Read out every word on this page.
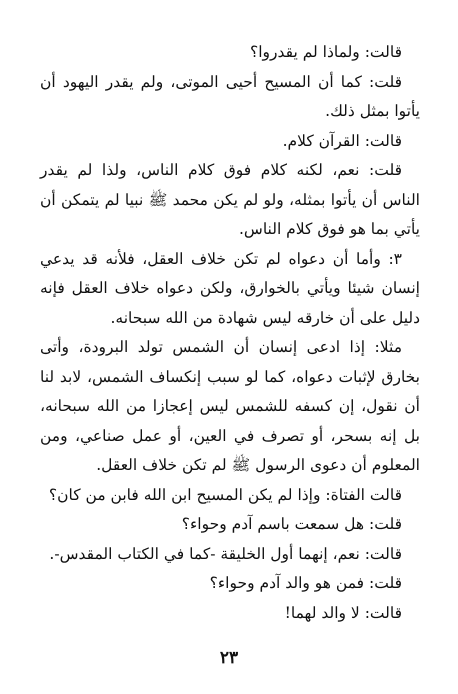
قالت: ولماذا لم يقدروا؟

قلت: كما أن المسيح أحيى الموتى، ولم يقدر اليهود أن يأتوا بمثل ذلك.

قالت: القرآن كلام.

قلت: نعم، لكنه كلام فوق كلام الناس، ولذا لم يقدر الناس أن يأتوا بمثله، ولو لم يكن محمد ﷺ نبيا لم يتمكن أن يأتي بما هو فوق كلام الناس.

٣: وأما أن دعواه لم تكن خلاف العقل، فلأنه قد يدعي إنسان شيئا ويأتي بالخوارق، ولكن دعواه خلاف العقل فإنه دليل على أن خارقه ليس شهادة من الله سبحانه.

مثلا: إذا ادعى إنسان أن الشمس تولد البرودة، وأتى بخارق لإثبات دعواه، كما لو سبب إنكساف الشمس، لابد لنا أن نقول، إن كسفه للشمس ليس إعجازا من الله سبحانه، بل إنه بسحر، أو تصرف في العين، أو عمل صناعي، ومن المعلوم أن دعوى الرسول ﷺ لم تكن خلاف العقل.

قالت الفتاة: وإذا لم يكن المسيح ابن الله فابن من كان؟

قلت: هل سمعت باسم آدم وحواء؟

قالت: نعم، إنهما أول الخليقة -كما في الكتاب المقدس-.

قلت: فمن هو والد آدم وحواء؟

قالت: لا والد لهما!

٢٣
